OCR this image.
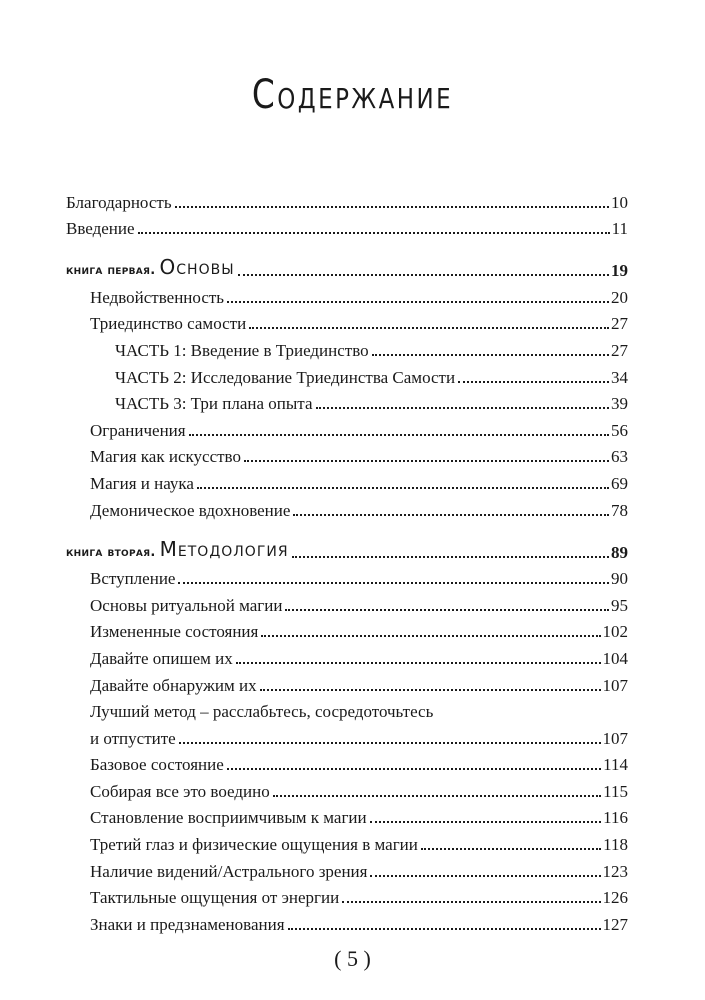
Содержание
Благодарность	10
Введение	11
книга первая. Основы	19
Недвойственность	20
Триединство самости	27
ЧАСТЬ 1: Введение в Триединство	27
ЧАСТЬ 2: Исследование Триединства Самости	34
ЧАСТЬ 3: Три плана опыта	39
Ограничения	56
Магия как искусство	63
Магия и наука	69
Демоническое вдохновение	78
книга вторая. Методология	89
Вступление	90
Основы ритуальной магии	95
Измененные состояния	102
Давайте опишем их	104
Давайте обнаружим их	107
Лучший метод – расслабьтесь, сосредоточьтесь
и отпустите	107
Базовое состояние	114
Собирая все это воедино	115
Становление восприимчивым к магии	116
Третий глаз и физические ощущения в магии	118
Наличие видений/Астрального зрения	123
Тактильные ощущения от энергии	126
Знаки и предзнаменования	127
( 5 )
